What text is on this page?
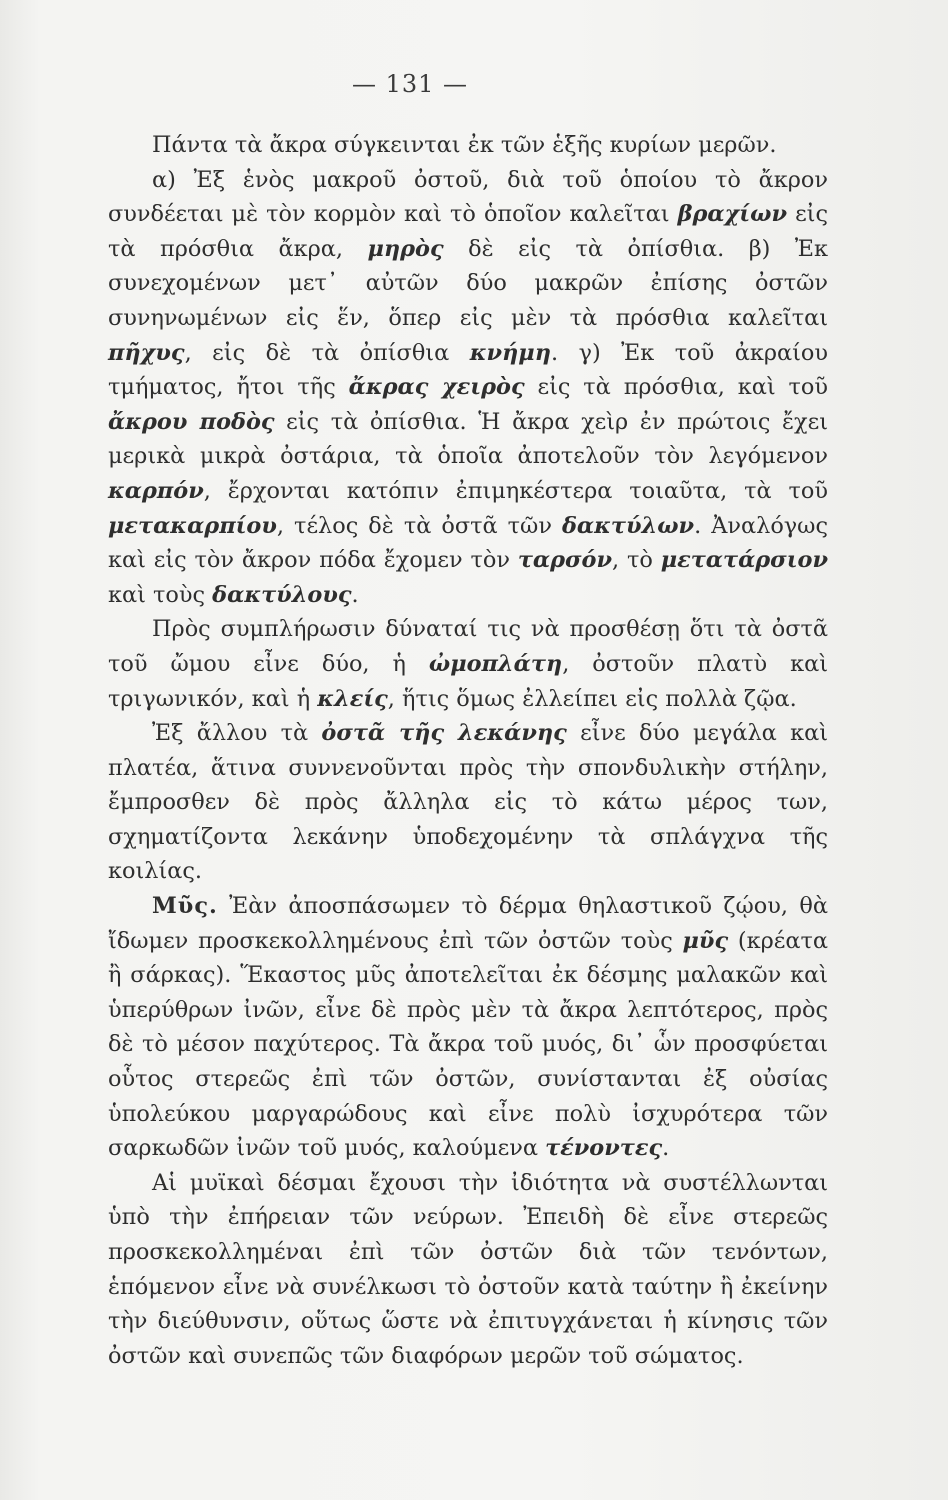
— 131 —

Πάντα τὰ ἄκρα σύγκεινται ἐκ τῶν ἑξῆς κυρίων μερῶν.

α) Ἐξ ἑνὸς μακροῦ ὀστοῦ, διὰ τοῦ ὁποίου τὸ ἄκρον συνδέεται μὲ τὸν κορμὸν καὶ τὸ ὁποῖον καλεῖται βραχίων εἰς τὰ πρόσθια ἄκρα, μηρὸς δὲ εἰς τὰ ὀπίσθια. β) Ἐκ συνεχομένων μετ᾽ αὐτῶν δύο μακρῶν ἐπίσης ὀστῶν συνηνωμένων εἰς ἕν, ὅπερ εἰς μὲν τὰ πρόσθια καλεῖται πῆχυς, εἰς δὲ τὰ ὀπίσθια κνήμη. γ) Ἐκ τοῦ ἀκραίου τμήματος, ἤτοι τῆς ἄκρας χειρὸς εἰς τὰ πρόσθια, καὶ τοῦ ἄκρου ποδὸς εἰς τὰ ὀπίσθια. Ἡ ἄκρα χεὶρ ἐν πρώτοις ἔχει μερικὰ μικρὰ ὀστάρια, τὰ ὁποῖα ἀποτελοῦν τὸν λεγόμενον καρπόν, ἔρχονται κατόπιν ἐπιμηκέστερα τοιαῦτα, τὰ τοῦ μετακαρπίου, τέλος δὲ τὰ ὀστᾶ τῶν δακτύλων. Ἀναλόγως καὶ εἰς τὸν ἄκρον πόδα ἔχομεν τὸν ταρσόν, τὸ μετατάρσιον καὶ τοὺς δακτύλους.

Πρὸς συμπλήρωσιν δύναταί τις νὰ προσθέσῃ ὅτι τὰ ὀστᾶ τοῦ ὤμου εἶνε δύο, ἡ ὠμοπλάτη, ὀστοῦν πλατὺ καὶ τριγωνικόν, καὶ ἡ κλείς, ἥτις ὅμως ἐλλείπει εἰς πολλὰ ζῷα.

Ἐξ ἄλλου τὰ ὀστᾶ τῆς λεκάνης εἶνε δύο μεγάλα καὶ πλατέα, ἅτινα συννενοῦνται πρὸς τὴν σπονδυλικὴν στήλην, ἔμπροσθεν δὲ πρὸς ἄλληλα εἰς τὸ κάτω μέρος των, σχηματίζοντα λεκάνην ὑποδεχομένην τὰ σπλάγχνα τῆς κοιλίας.

Μῦς. Ἐὰν ἀποσπάσωμεν τὸ δέρμα θηλαστικοῦ ζῴου, θὰ ἴδωμεν προσκεκολλημένους ἐπὶ τῶν ὀστῶν τοὺς μῦς (κρέατα ἢ σάρκας). Ἕκαστος μῦς ἀποτελεῖται ἐκ δέσμης μαλακῶν καὶ ὑπερύθρων ἰνῶν, εἶνε δὲ πρὸς μὲν τὰ ἄκρα λεπτότερος, πρὸς δὲ τὸ μέσον παχύτερος. Τὰ ἄκρα τοῦ μυός, δι᾽ ὧν προσφύεται οὗτος στερεῶς ἐπὶ τῶν ὀστῶν, συνίστανται ἐξ οὐσίας ὑπολεύκου μαργαρώδους καὶ εἶνε πολὺ ἰσχυρότερα τῶν σαρκωδῶν ἰνῶν τοῦ μυός, καλούμενα τένοντες.

Αἱ μυϊκαὶ δέσμαι ἔχουσι τὴν ἰδιότητα νὰ συστέλλωνται ὑπὸ τὴν ἐπήρειαν τῶν νεύρων. Ἐπειδὴ δὲ εἶνε στερεῶς προσκεκολλημέναι ἐπὶ τῶν ὀστῶν διὰ τῶν τενόντων, ἑπόμενον εἶνε νὰ συνέλκωσι τὸ ὀστοῦν κατὰ ταύτην ἢ ἐκείνην τὴν διεύθυνσιν, οὕτως ὥστε νὰ ἐπιτυγχάνεται ἡ κίνησις τῶν ὀστῶν καὶ συνεπῶς τῶν διαφόρων μερῶν τοῦ σώματος.
